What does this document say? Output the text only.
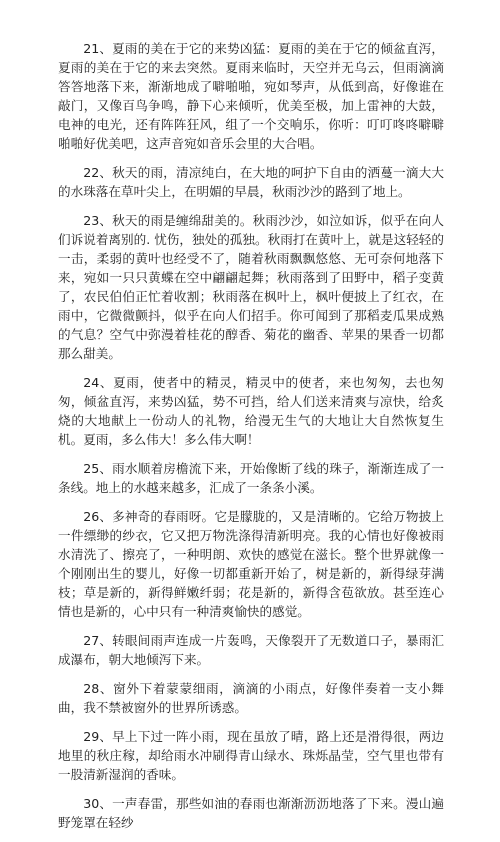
21、夏雨的美在于它的来势凶猛：夏雨的美在于它的倾盆直泻，夏雨的美在于它的来去突然。夏雨来临时，天空并无乌云，但雨滴滴答答地落下来，渐渐地成了噼啪啪，宛如琴声，从低到高，好像谁在敲门，又像百鸟争鸣，静下心来倾听，优美至极，加上雷神的大鼓，电神的电光，还有阵阵狂风，组了一个交响乐，你听：叮叮咚咚噼噼啪啪好优美吧，这声音宛如音乐会里的大合唱。

22、秋天的雨，清凉纯白，在大地的呵护下自由的洒蔓一滴大大的水珠落在草叶尖上，在明媚的早晨，秋雨沙沙的路到了地上。

23、秋天的雨是缠绵甜美的。秋雨沙沙，如泣如诉，似乎在向人们诉说着离别的. 忧伤，独处的孤独。秋雨打在黄叶上，就是这轻轻的一击，柔弱的黄叶也经受不了，随着秋雨飘飘悠悠、无可奈何地落下来，宛如一只只黄蝶在空中翩翩起舞；秋雨落到了田野中，稻子变黄了，农民伯伯正忙着收割；秋雨落在枫叶上，枫叶便披上了红衣，在雨中，它微微颤抖，似乎在向人们招手。你可闻到了那稻麦瓜果成熟的气息？空气中弥漫着桂花的醇香、菊花的幽香、苹果的果香一切都那么甜美。

24、夏雨，使者中的精灵，精灵中的使者，来也匆匆，去也匆匆，倾盆直泻，来势凶猛，势不可挡，给人们送来清爽与凉快，给炙烧的大地献上一份动人的礼物，给漫无生气的大地让大自然恢复生机。夏雨，多么伟大！多么伟大啊！

25、雨水顺着房檐流下来，开始像断了线的珠子，渐渐连成了一条线。地上的水越来越多，汇成了一条条小溪。

26、多神奇的春雨呀。它是朦胧的，又是清晰的。它给万物披上一件缥缈的纱衣，它又把万物洗涤得清新明亮。我的心情也好像被雨水清洗了、擦亮了，一种明朗、欢快的感觉在滋长。整个世界就像一个刚刚出生的婴儿，好像一切都重新开始了，树是新的，新得绿芽满枝；草是新的，新得鲜嫩纤弱；花是新的，新得含苞欲放。甚至连心情也是新的，心中只有一种清爽愉快的感觉。

27、转眼间雨声连成一片轰鸣，天像裂开了无数道口子，暴雨汇成瀑布，朝大地倾泻下来。

28、窗外下着蒙蒙细雨，滴滴的小雨点，好像伴奏着一支小舞曲，我不禁被窗外的世界所诱惑。

29、早上下过一阵小雨，现在虽放了晴，路上还是滑得很，两边地里的秋庄稼，却给雨水冲刷得青山绿水、珠烁晶莹，空气里也带有一股清新湿润的香味。

30、一声春雷，那些如油的春雨也渐渐沥沥地落了下来。漫山遍野笼罩在轻纱
